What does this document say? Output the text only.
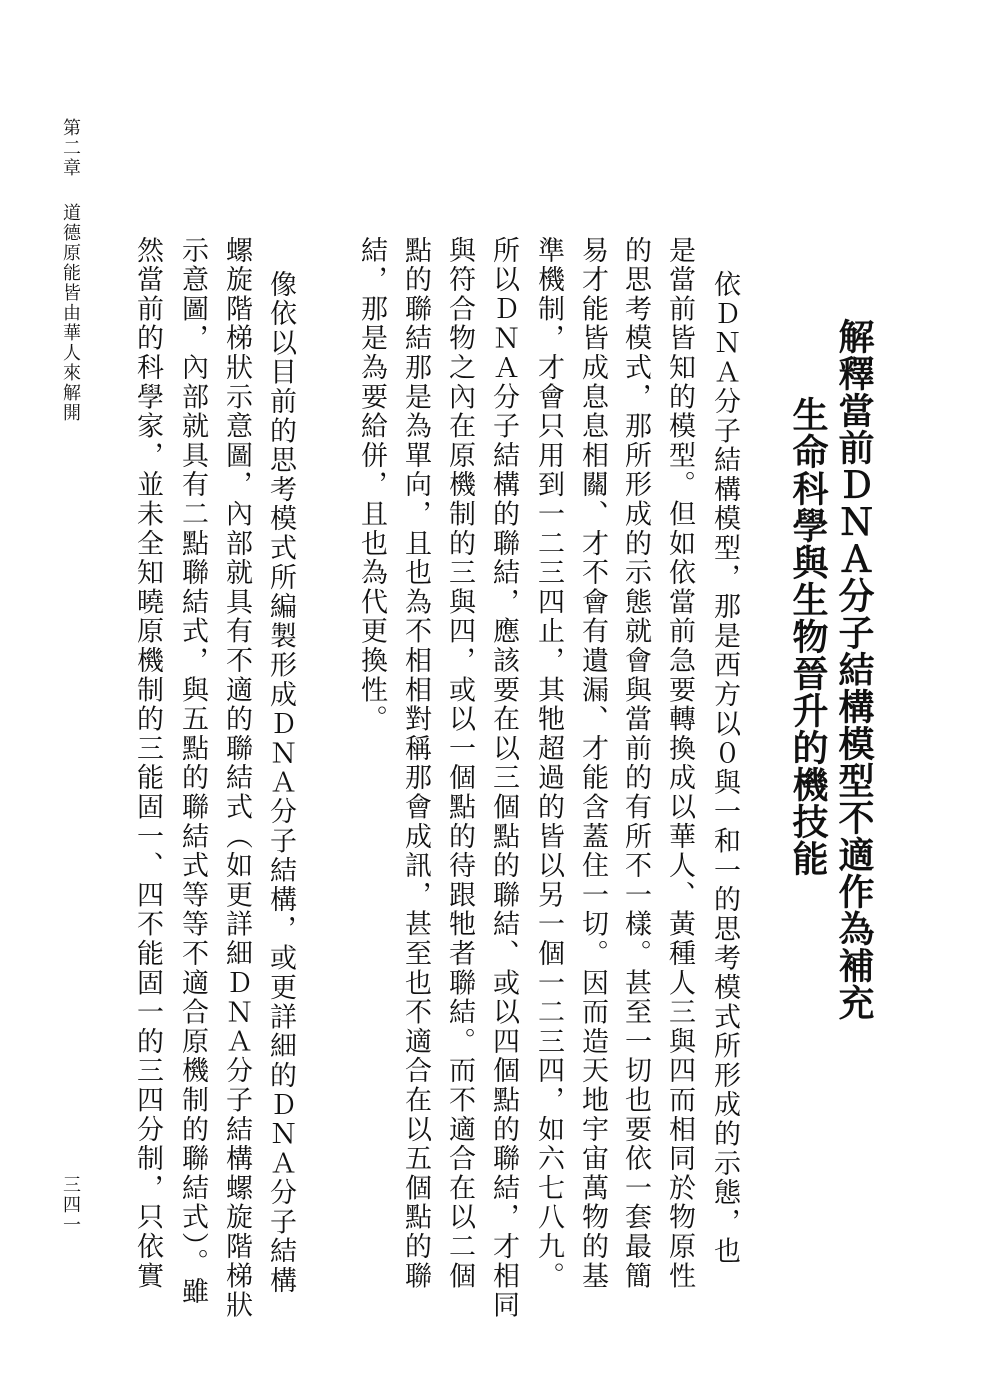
解釋當前ＤＮＡ分子結構模型不適作為補充
生命科學與生物晉升的機技能
依ＤＮＡ分子結構模型，那是西方以０與一和一的思考模式所形成的示態，也
是當前皆知的模型。但如依當前急要轉換成以華人、黃種人三與四而相同於物原性
的思考模式，那所形成的示態就會與當前的有所不一樣。甚至一切也要依一套最簡
易才能皆成息息相關、才不會有遺漏、才能含蓋住一切。因而造天地宇宙萬物的基
準機制，才會只用到一二三四止，其牠超過的皆以另一個一二三四，如六七八九。
所以ＤＮＡ分子結構的聯結，應該要在以三個點的聯結、或以四個點的聯結，才相同
與符合物之內在原機制的三與四，或以一個點的待跟牠者聯結。而不適合在以二個
點的聯結那是為單向，且也為不相相對稱那會成訊，甚至也不適合在以五個點的聯
結，那是為要給併，且也為代更換性。
像依以目前的思考模式所編製形成ＤＮＡ分子結構，或更詳細的ＤＮＡ分子結構
螺旋階梯狀示意圖，內部就具有不適的聯結式（如更詳細ＤＮＡ分子結構螺旋階梯狀
示意圖，內部就具有二點聯結式，與五點的聯結式等等不適合原機制的聯結式）。雖
然當前的科學家，並未全知曉原機制的三能固一、四不能固一的三四分制，只依實
第二章
道德原能皆由華人來解開
三四一
